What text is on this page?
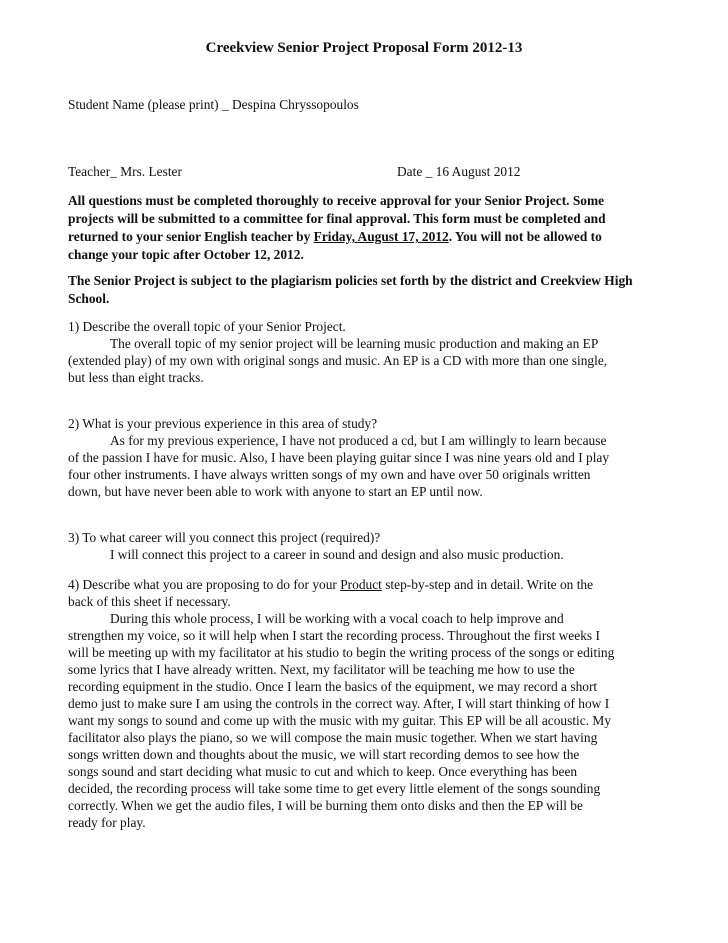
Creekview Senior Project Proposal Form 2012-13
Student Name (please print) _ Despina Chryssopoulos
Teacher_ Mrs. Lester	Date _ 16 August 2012
All questions must be completed thoroughly to receive approval for your Senior Project. Some
projects will be submitted to a committee for final approval. This form must be completed and
returned to your senior English teacher by Friday, August 17, 2012. You will not be allowed to
change your topic after October 12, 2012.
The Senior Project is subject to the plagiarism policies set forth by the district and Creekview High
School.
1) Describe the overall topic of your Senior Project.
The overall topic of my senior project will be learning music production and making an EP
(extended play) of my own with original songs and music. An EP is a CD with more than one single,
but less than eight tracks.
2) What is your previous experience in this area of study?
As for my previous experience, I have not produced a cd, but I am willingly to learn because
of the passion I have for music. Also, I have been playing guitar since I was nine years old and I play
four other instruments. I have always written songs of my own and have over 50 originals written
down, but have never been able to work with anyone to start an EP until now.
3) To what career will you connect this project (required)?
I will connect this project to a career in sound and design and also music production.
4) Describe what you are proposing to do for your Product step-by-step and in detail. Write on the
back of this sheet if necessary.
During this whole process, I will be working with a vocal coach to help improve and
strengthen my voice, so it will help when I start the recording process. Throughout the first weeks I
will be meeting up with my facilitator at his studio to begin the writing process of the songs or editing
some lyrics that I have already written. Next, my facilitator will be teaching me how to use the
recording equipment in the studio. Once I learn the basics of the equipment, we may record a short
demo just to make sure I am using the controls in the correct way. After, I will start thinking of how I
want my songs to sound and come up with the music with my guitar. This EP will be all acoustic. My
facilitator also plays the piano, so we will compose the main music together. When we start having
songs written down and thoughts about the music, we will start recording demos to see how the
songs sound and start deciding what music to cut and which to keep. Once everything has been
decided, the recording process will take some time to get every little element of the songs sounding
correctly. When we get the audio files, I will be burning them onto disks and then the EP will be
ready for play.
